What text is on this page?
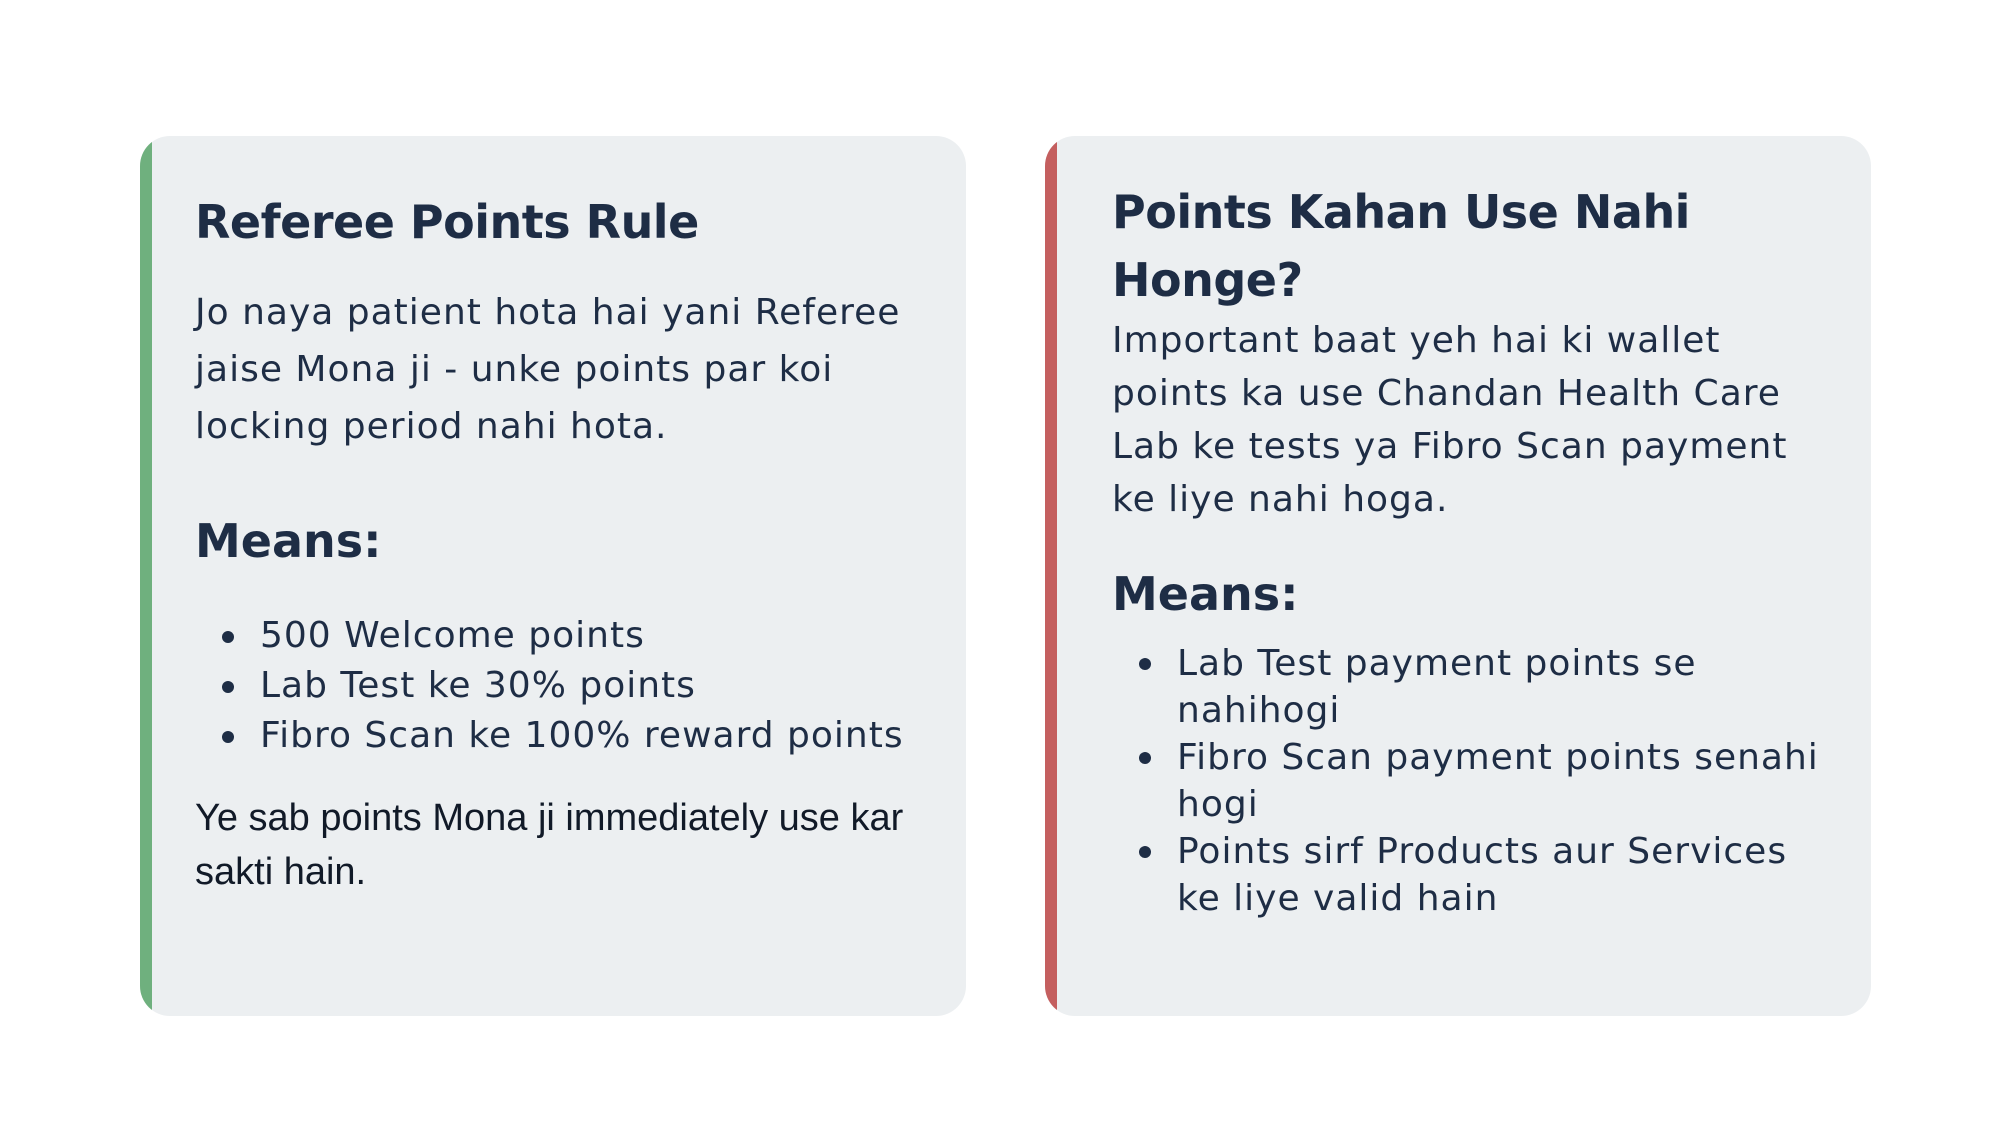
Referee Points Rule

Jo naya patient hota hai yani Referee jaise Mona ji - unke points par koi locking period nahi hota.

Means:
500 Welcome points
Lab Test ke 30% points
Fibro Scan ke 100% reward points

Ye sab points Mona ji immediately use kar sakti hain.

Points Kahan Use Nahi Honge?

Important baat yeh hai ki wallet points ka use Chandan Health Care Lab ke tests ya Fibro Scan payment ke liye nahi hoga.

Means:
Lab Test payment points se nahihogi
Fibro Scan payment points senahi hogi
Points sirf Products aur Services ke liye valid hain
